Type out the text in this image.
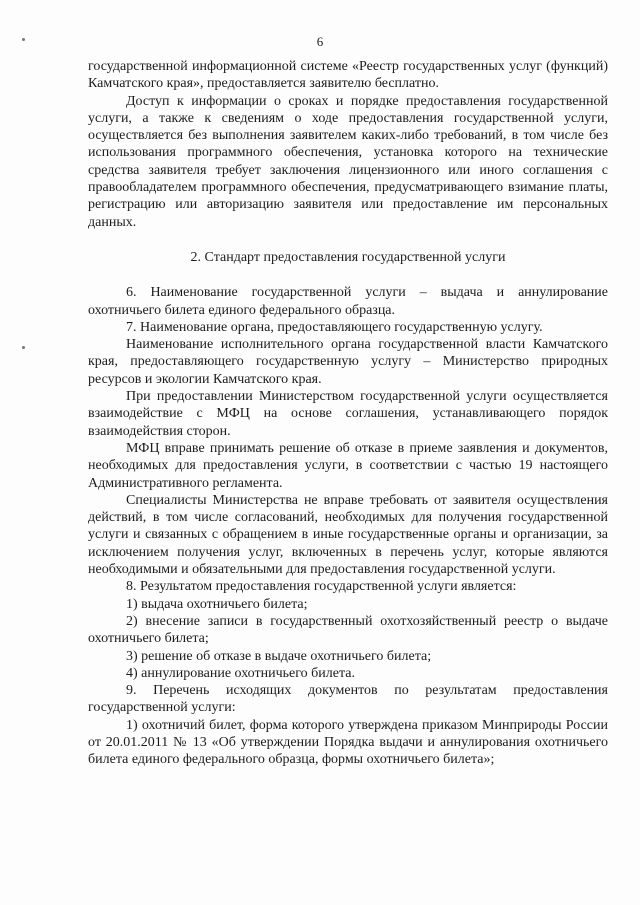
6

государственной информационной системе «Реестр государственных услуг (функций) Камчатского края», предоставляется заявителю бесплатно.

Доступ к информации о сроках и порядке предоставления государственной услуги, а также к сведениям о ходе предоставления государственной услуги, осуществляется без выполнения заявителем каких-либо требований, в том числе без использования программного обеспечения, установка которого на технические средства заявителя требует заключения лицензионного или иного соглашения с правообладателем программного обеспечения, предусматривающего взимание платы, регистрацию или авторизацию заявителя или предоставление им персональных данных.

2. Стандарт предоставления государственной услуги

6. Наименование государственной услуги – выдача и аннулирование охотничьего билета единого федерального образца.

7. Наименование органа, предоставляющего государственную услугу.

Наименование исполнительного органа государственной власти Камчатского края, предоставляющего государственную услугу – Министерство природных ресурсов и экологии Камчатского края.

При предоставлении Министерством государственной услуги осуществляется взаимодействие с МФЦ на основе соглашения, устанавливающего порядок взаимодействия сторон.

МФЦ вправе принимать решение об отказе в приеме заявления и документов, необходимых для предоставления услуги, в соответствии с частью 19 настоящего Административного регламента.

Специалисты Министерства не вправе требовать от заявителя осуществления действий, в том числе согласований, необходимых для получения государственной услуги и связанных с обращением в иные государственные органы и организации, за исключением получения услуг, включенных в перечень услуг, которые являются необходимыми и обязательными для предоставления государственной услуги.

8. Результатом предоставления государственной услуги является:

1) выдача охотничьего билета;

2) внесение записи в государственный охотхозяйственный реестр о выдаче охотничьего билета;

3) решение об отказе в выдаче охотничьего билета;

4) аннулирование охотничьего билета.

9. Перечень исходящих документов по результатам предоставления государственной услуги:

1) охотничий билет, форма которого утверждена приказом Минприроды России от 20.01.2011 № 13 «Об утверждении Порядка выдачи и аннулирования охотничьего билета единого федерального образца, формы охотничьего билета»;
